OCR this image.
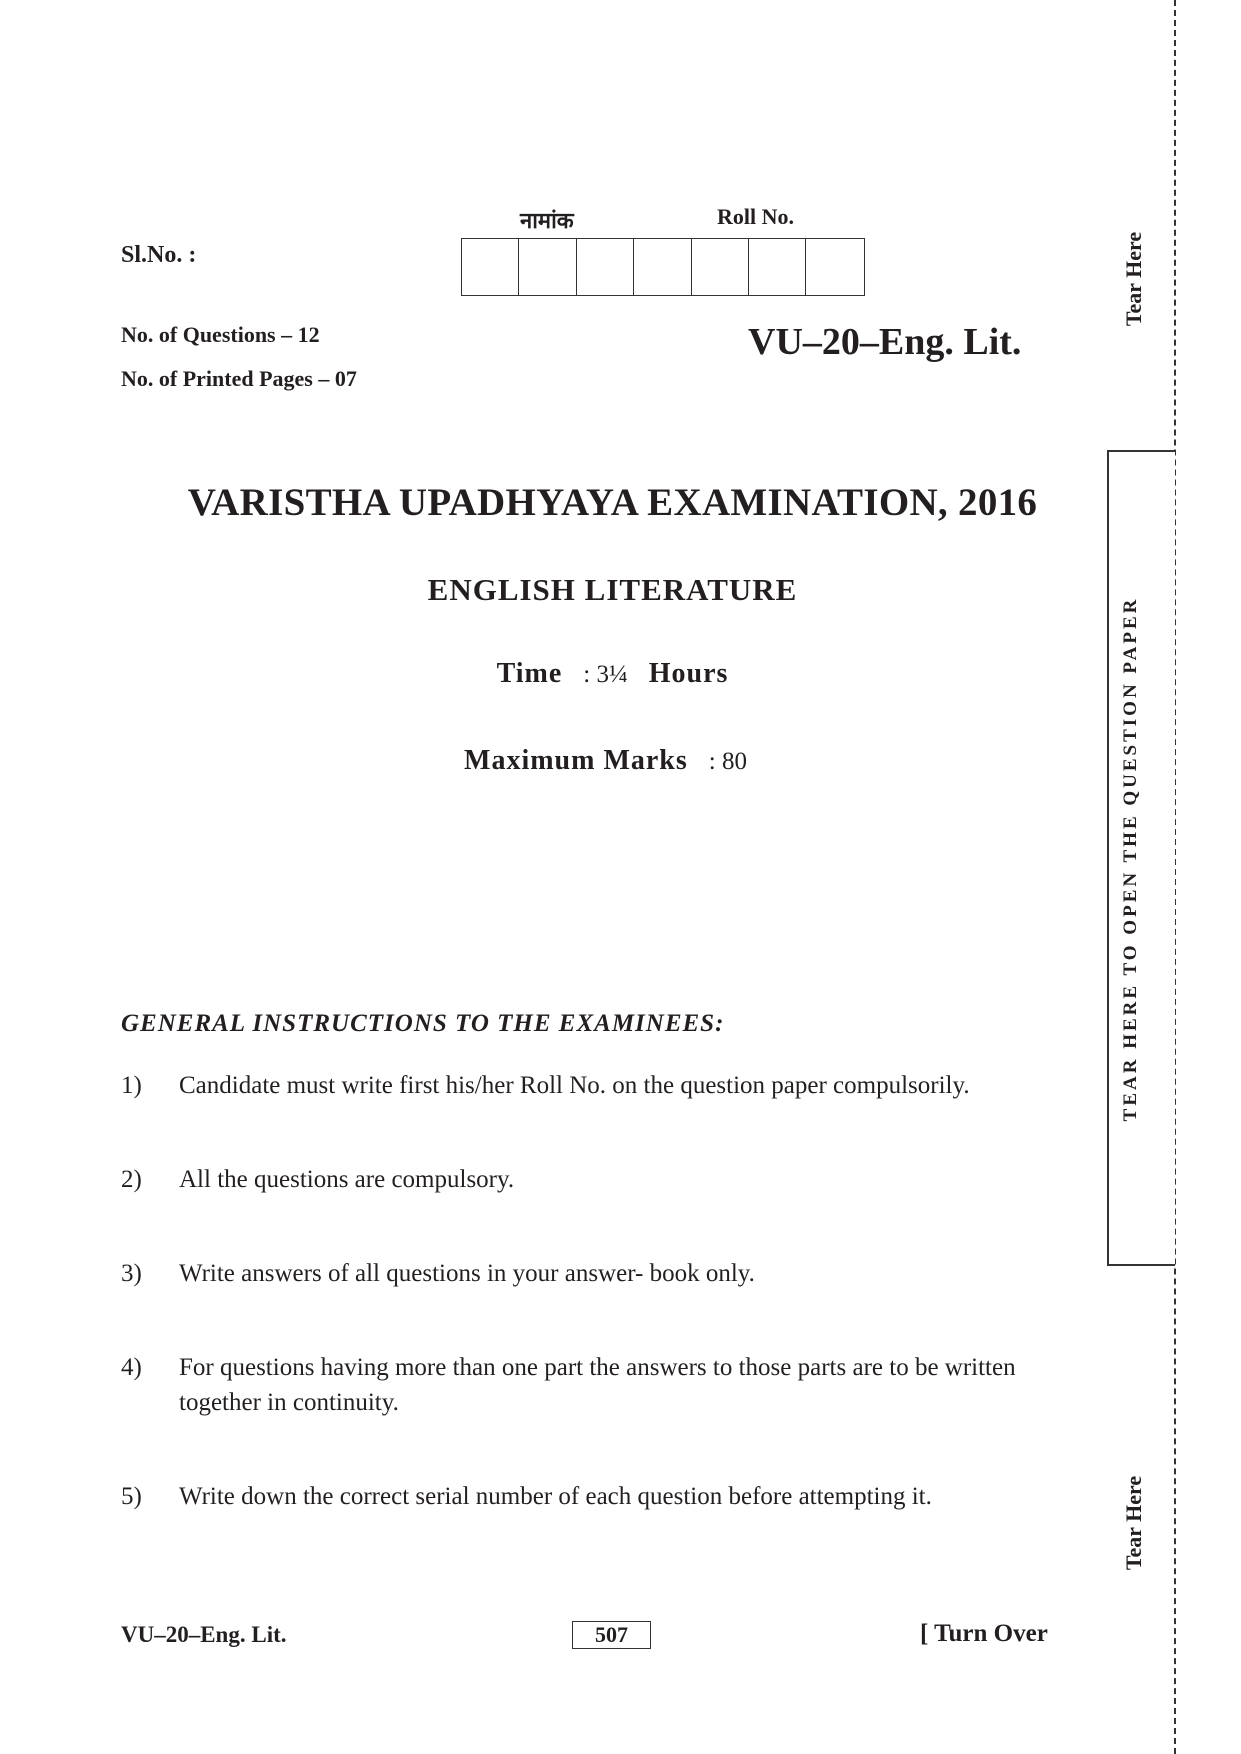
Sl.No. :
नामांक	Roll No.
No. of Questions – 12
No. of Printed Pages – 07
VU–20–Eng. Lit.
VARISTHA UPADHYAYA EXAMINATION, 2016
ENGLISH LITERATURE
Time : 3¼ Hours
Maximum Marks : 80
GENERAL INSTRUCTIONS TO THE EXAMINEES:
1)	Candidate must write first his/her Roll No. on the question paper compulsorily.
2)	All the questions are compulsory.
3)	Write answers of all questions in your answer- book only.
4)	For questions having more than one part the answers to those parts are to be written together in continuity.
5)	Write down the correct serial number of each question before attempting it.
VU–20–Eng. Lit.	507	[ Turn Over
Tear Here
TEAR HERE TO OPEN THE QUESTION PAPER
Tear Here
